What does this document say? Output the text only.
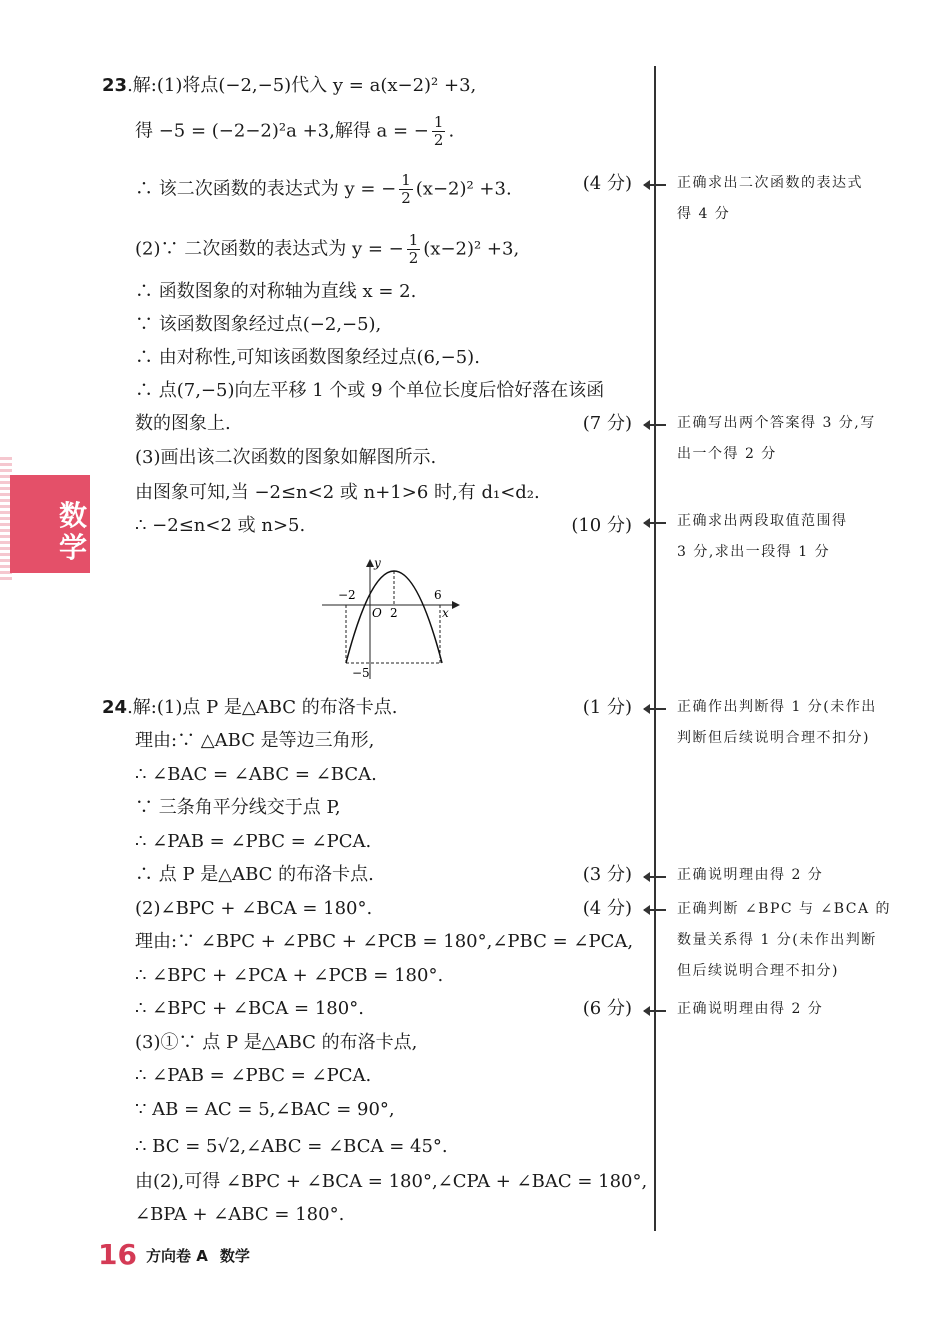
数学
23.解:(1)将点(−2,−5)代入 y = a(x−2)² +3,
得 −5 = (−2−2)²a +3,解得 a = − $\frac{1}{2}$ .
∴ 该二次函数的表达式为 y = − $\frac{1}{2} (x-2)^2 +3$.	(4 分)
(2)∵ 二次函数的表达式为 y = − $\frac{1}{2} (x-2)^2 +3$,
∴ 函数图象的对称轴为直线 x = 2.
∵ 该函数图象经过点(−2,−5),
∴ 由对称性,可知该函数图象经过点(6,−5).
∴ 点(7,−5)向左平移 1 个或 9 个单位长度后恰好落在该函
数的图象上.	(7 分)
(3)画出该二次函数的图象如解图所示.
由图象可知,当 −2≤n<2 或 n+1>6 时,有 d₁<d₂.
∴ −2≤n<2 或 n>5.	(10 分)
y
x
O
−2
2
6
−5
24.解:(1)点 P 是△ABC 的布洛卡点.	(1 分)
理由:∵ △ABC 是等边三角形,
∴ ∠BAC = ∠ABC = ∠BCA.
∵ 三条角平分线交于点 P,
∴ ∠PAB = ∠PBC = ∠PCA.
∴ 点 P 是△ABC 的布洛卡点.	(3 分)
(2)∠BPC + ∠BCA = 180°.	(4 分)
理由:∵ ∠BPC + ∠PBC + ∠PCB = 180°,∠PBC = ∠PCA,
∴ ∠BPC + ∠PCA + ∠PCB = 180°.
∴ ∠BPC + ∠BCA = 180°.	(6 分)
(3)①∵ 点 P 是△ABC 的布洛卡点,
∴ ∠PAB = ∠PBC = ∠PCA.
∵ AB = AC = 5,∠BAC = 90°,
∴ BC = 5√2,∠ABC = ∠BCA = 45°.
由(2),可得 ∠BPC + ∠BCA = 180°,∠CPA + ∠BAC = 180°,
∠BPA + ∠ABC = 180°.
正确求出二次函数的表达式
得 4 分
正确写出两个答案得 3 分,写
出一个得 2 分
正确求出两段取值范围得
3 分,求出一段得 1 分
正确作出判断得 1 分(未作出
判断但后续说明合理不扣分)
正确说明理由得 2 分
正确判断 ∠BPC 与 ∠BCA 的
数量关系得 1 分(未作出判断
但后续说明合理不扣分)
正确说明理由得 2 分
16 方向卷 A 数学
